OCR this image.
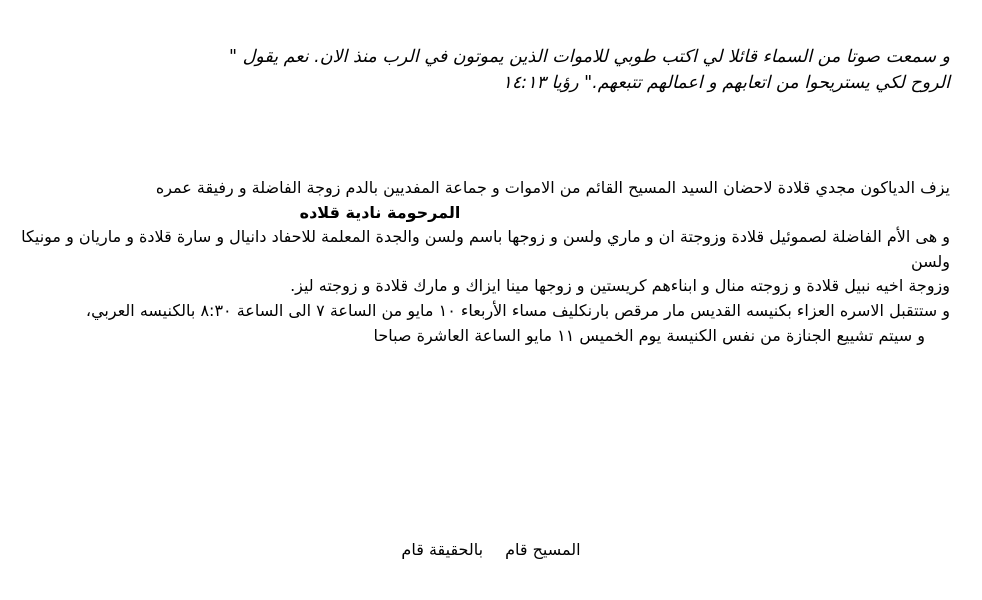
و سمعت صوتا من السماء قائلا لي اكتب طوبي للاموات الذين يموتون في الرب منذ الان. نعم يقول "
الروح لكي يستريحوا من اتعابهم و اعمالهم تتبعهم." رؤيا ١٤:١٣

يزف الدياكون مجدي قلادة لاحضان السيد المسيح القائم من الاموات و جماعة المفديين بالدم زوجة الفاضلة و رفيقة عمره

المرحومة نادية قلاده

و هى الأم الفاضلة لصموئيل قلادة وزوجتة ان و ماري ولسن و زوجها باسم ولسن والجدة المعلمة للاحفاد دانيال و سارة قلادة و ماريان و مونيكا ولسن

وزوجة اخيه نبيل قلادة و زوجته منال و ابناءهم كريستين و زوجها مينا ايزاك و مارك قلادة و زوجته ليز.

و ستتقبل الاسره العزاء بكنيسه القديس مار مرقص بارنكليف مساء الأربعاء ١٠ مايو من الساعة ٧ الى الساعة ٨:٣٠ بالكنيسه العربي،

و سيتم تشييع الجنازة من نفس الكنيسة يوم الخميس ١١ مايو الساعة العاشرة صباحا

المسيح قامبالحقيقة قام
